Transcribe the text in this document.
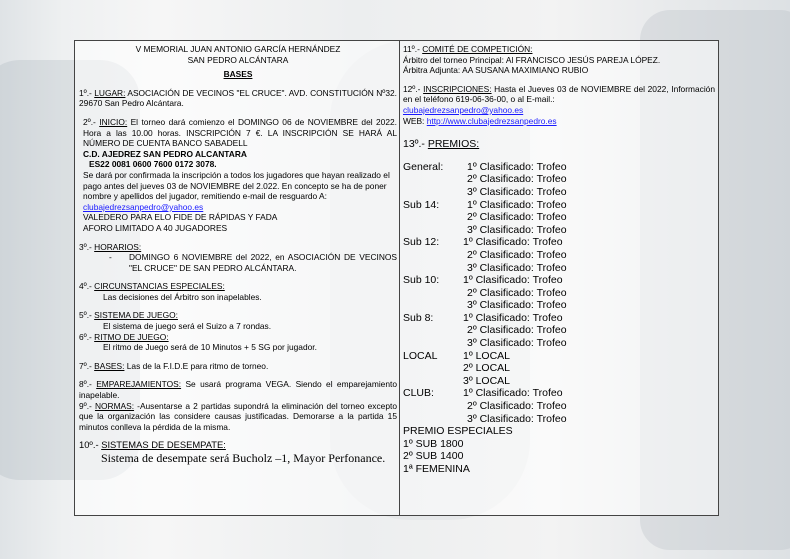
V MEMORIAL JUAN ANTONIO GARCÍA HERNÁNDEZ

SAN PEDRO ALCÁNTARA

BASES

1º.- LUGAR: ASOCIACIÓN DE VECINOS "EL CRUCE". AVD. CONSTITUCIÓN Nº32. 29670 San Pedro Alcántara.

2º.- INICIO: El torneo dará comienzo el DOMINGO 06 de NOVIEMBRE del 2022. Hora a las 10.00 horas. INSCRIPCIÓN 7 €. LA INSCRIPCIÓN SE HARÁ AL NÚMERO DE CUENTA BANCO SABADELL

C.D. AJEDREZ SAN PEDRO ALCANTARA

ES22 0081 0600 7600 0172 3078.

Se dará por confirmada la inscripción a todos los jugadores que hayan realizado el pago antes del jueves 03 de NOVIEMBRE del 2.022. En concepto se ha de poner nombre y apellidos del jugador, remitiendo e-mail de resguardo A: clubajedrezsanpedro@yahoo.es

VALEDERO PARA ELO FIDE DE RÁPIDAS Y FADA

AFORO LIMITADO A 40 JUGADORES

3º.- HORARIOS:

-	DOMINGO 6 NOVIEMBRE del 2022, en ASOCIACIÓN DE VECINOS "EL CRUCE" DE SAN PEDRO ALCÁNTARA.

4º.- CIRCUNSTANCIAS ESPECIALES:

Las decisiones del Árbitro son inapelables.

5º.- SISTEMA DE JUEGO:

El sistema de juego será el Suizo a 7 rondas.

6º.- RITMO DE JUEGO:

El ritmo de Juego será de 10 Minutos + 5 SG por jugador.

7º.- BASES: Las de la F.I.D.E para ritmo de torneo.

8º.- EMPAREJAMIENTOS: Se usará programa VEGA. Siendo el emparejamiento inapelable.

9º.- NORMAS: -Ausentarse a 2 partidas supondrá la eliminación del torneo excepto que la organización las considere causas justificadas. Demorarse a la partida 15 minutos conlleva la pérdida de la misma.

10º.- SISTEMAS DE DESEMPATE:

Sistema de desempate será Bucholz –1, Mayor Perfonance.

11º.- COMITÉ DE COMPETICIÓN:

Árbitro del torneo Principal: Al FRANCISCO JESÚS PAREJA LÓPEZ.

Árbitra Adjunta: AA SUSANA MAXIMIANO RUBIO

12º.- INSCRIPCIONES: Hasta el Jueves 03 de NOVIEMBRE del 2022, Información en el teléfono 619-06-36-00, o al E-mail.:

clubajedrezsanpedro@yahoo.es

WEB: http://www.clubajedrezsanpedro.es

13º.- PREMIOS:

General:	1º Clasificado: Trofeo
2º Clasificado: Trofeo
3º Clasificado: Trofeo
Sub 14:	1º Clasificado: Trofeo
2º Clasificado: Trofeo
3º Clasificado: Trofeo
Sub 12:	1º Clasificado: Trofeo
2º Clasificado: Trofeo
3º Clasificado: Trofeo
Sub 10:	1º Clasificado: Trofeo
2º Clasificado: Trofeo
3º Clasificado: Trofeo
Sub 8:	1º Clasificado: Trofeo
2º Clasificado: Trofeo
3º Clasificado: Trofeo
LOCAL	1º LOCAL
2º LOCAL
3º LOCAL
CLUB:	1º Clasificado: Trofeo
2º Clasificado: Trofeo
3º Clasificado: Trofeo

PREMIO ESPECIALES

1º SUB 1800

2º SUB 1400

1ª FEMENINA
